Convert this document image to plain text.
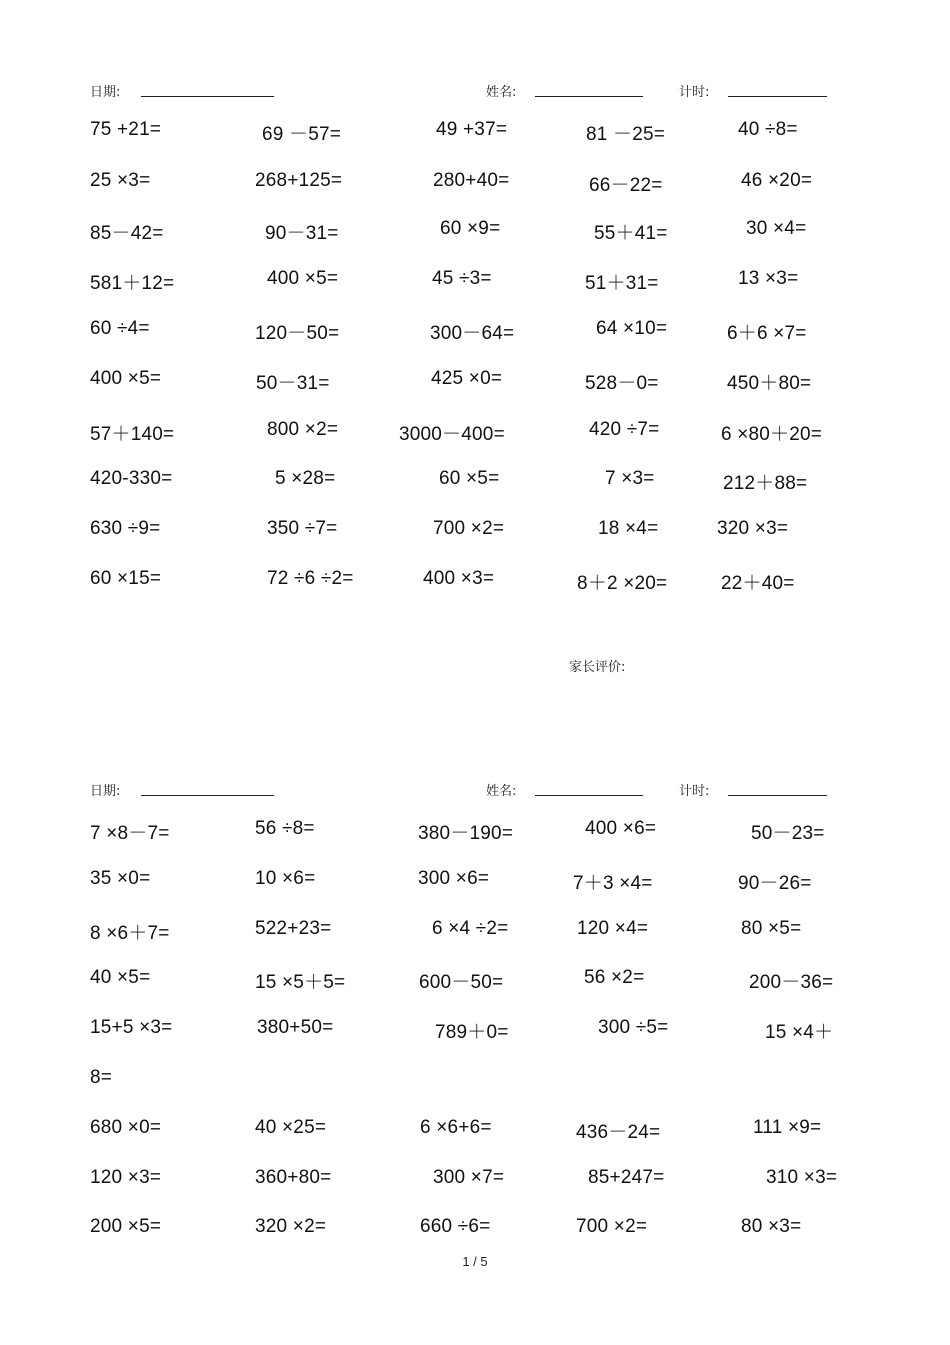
日期:	姓名:	计时:
75 +21=	69 －57=	49 +37=	81 －25=	40 ÷8=
25 ×3=	268+125=	280+40=	66－22=	46 ×20=
85－42=	90－31=	60 ×9=	55＋41=	30 ×4=
581＋12=	400 ×5=	45 ÷3=	51＋31=	13 ×3=
60 ÷4=	120－50=	300－64=	64 ×10=	6＋6 ×7=
400 ×5=	50－31=	425 ×0=	528－0=	450＋80=
57＋140=	800 ×2=	3000－400=	420 ÷7=	6 ×80＋20=
420-330=	5 ×28=	60 ×5=	7 ×3=	212＋88=
630 ÷9=	350 ÷7=	700 ×2=	18 ×4=	320 ×3=
60 ×15=	72 ÷6 ÷2=	400 ×3=	8＋2 ×20=	22＋40=
家长评价:
日期:	姓名:	计时:
7 ×8－7=	56 ÷8=	380－190=	400 ×6=	50－23=
35 ×0=	10 ×6=	300 ×6=	7＋3 ×4=	90－26=
8 ×6＋7=	522+23=	6 ×4 ÷2=	120 ×4=	80 ×5=
40 ×5=	15 ×5＋5=	600－50=	56 ×2=	200－36=
15+5 ×3=	380+50=	789＋0=	300 ÷5=	15 ×4＋
8=
680 ×0=	40 ×25=	6 ×6+6=	436－24=	111 ×9=
120 ×3=	360+80=	300 ×7=	85+247=	310 ×3=
200 ×5=	320 ×2=	660 ÷6=	700 ×2=	80 ×3=
1 / 5
